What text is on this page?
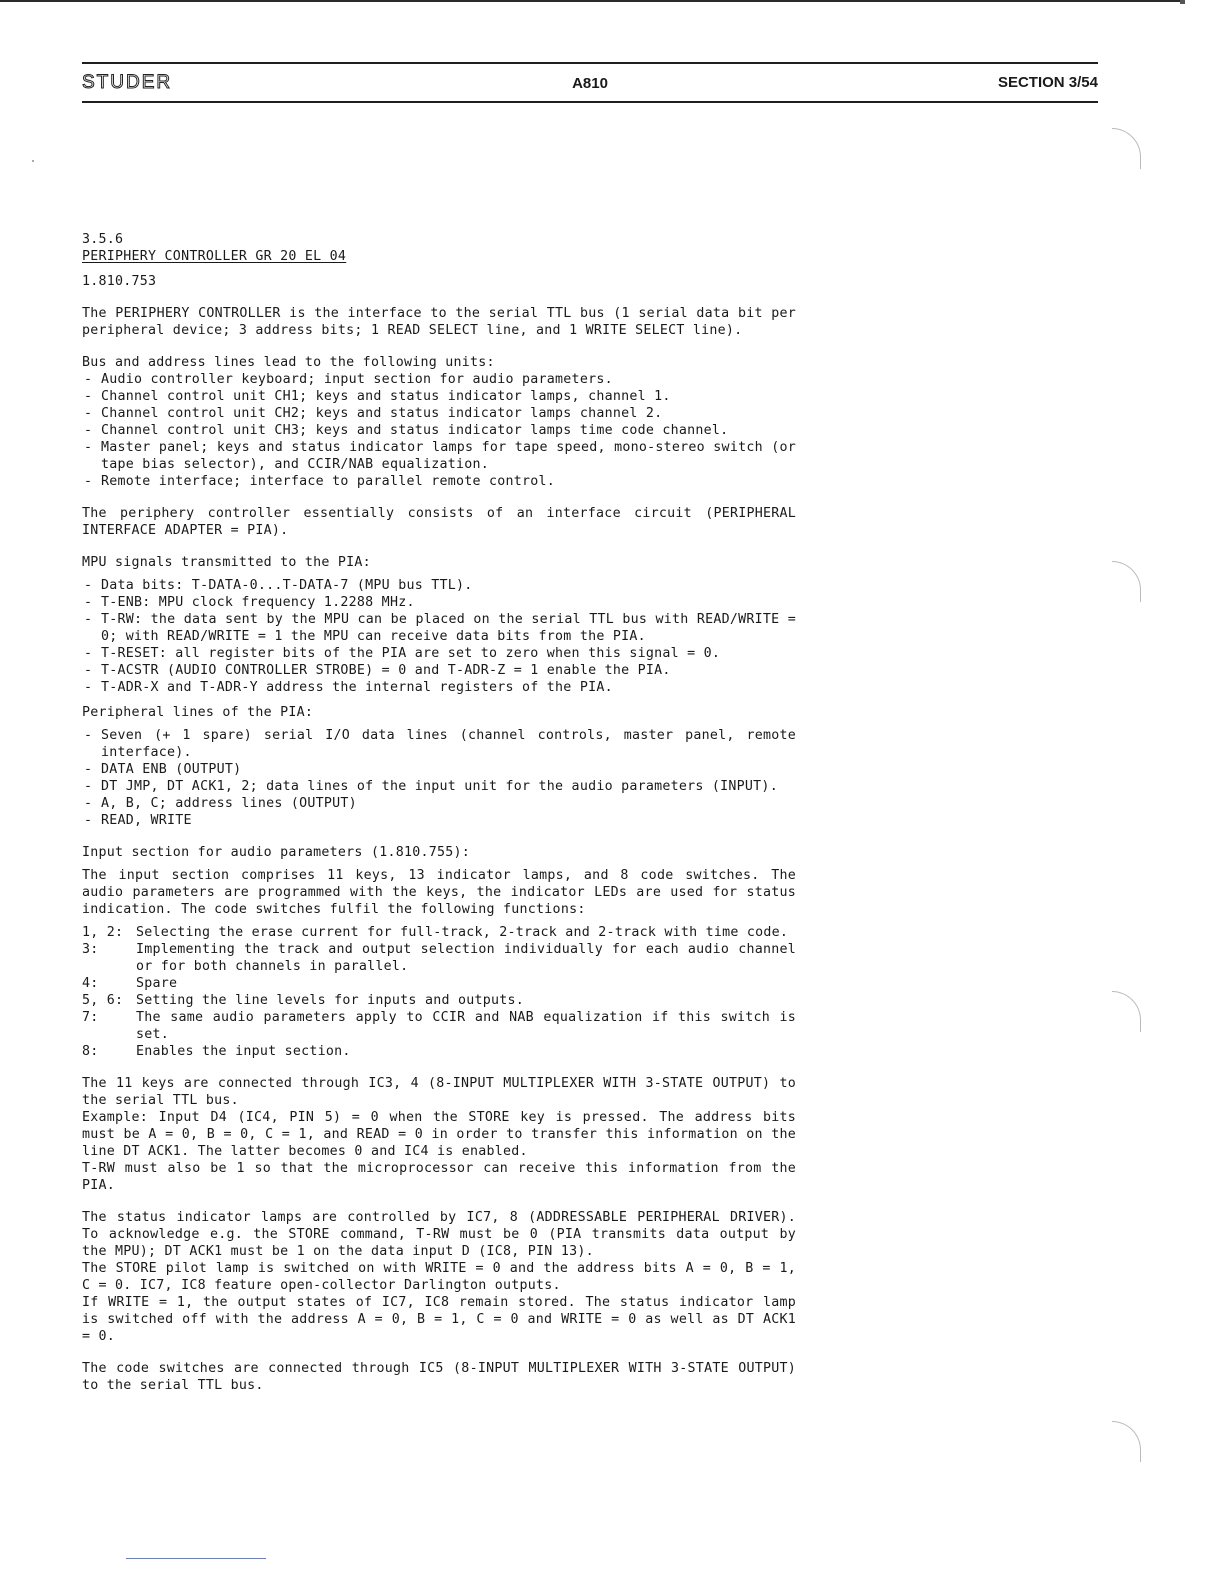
STUDER	A810	SECTION 3/54

3.5.6

PERIPHERY CONTROLLER GR 20 EL 04

1.810.753

The PERIPHERY CONTROLLER is the interface to the serial TTL bus (1 serial data bit per peripheral device; 3 address bits; 1 READ SELECT line, and 1 WRITE SELECT line).

Bus and address lines lead to the following units:

- Audio controller keyboard; input section for audio parameters.
- Channel control unit CH1; keys and status indicator lamps, channel 1.
- Channel control unit CH2; keys and status indicator lamps channel 2.
- Channel control unit CH3; keys and status indicator lamps time code channel.
- Master panel; keys and status indicator lamps for tape speed, mono-stereo switch (or tape bias selector), and CCIR/NAB equalization.
- Remote interface; interface to parallel remote control.

The periphery controller essentially consists of an interface circuit (PERIPHERAL INTERFACE ADAPTER = PIA).

MPU signals transmitted to the PIA:

- Data bits: T-DATA-0...T-DATA-7 (MPU bus TTL).
- T-ENB: MPU clock frequency 1.2288 MHz.
- T-RW: the data sent by the MPU can be placed on the serial TTL bus with READ/WRITE = 0; with READ/WRITE = 1 the MPU can receive data bits from the PIA.
- T-RESET: all register bits of the PIA are set to zero when this signal = 0.
- T-ACSTR (AUDIO CONTROLLER STROBE) = 0 and T-ADR-Z = 1 enable the PIA.
- T-ADR-X and T-ADR-Y address the internal registers of the PIA.

Peripheral lines of the PIA:

- Seven (+ 1 spare) serial I/O data lines (channel controls, master panel, remote interface).
- DATA ENB (OUTPUT)
- DT JMP, DT ACK1, 2; data lines of the input unit for the audio parameters (INPUT).
- A, B, C; address lines (OUTPUT)
- READ, WRITE

Input section for audio parameters (1.810.755):

The input section comprises 11 keys, 13 indicator lamps, and 8 code switches. The audio parameters are programmed with the keys, the indicator LEDs are used for status indication. The code switches fulfil the following functions:

1, 2: Selecting the erase current for full-track, 2-track and 2-track with time code.
3:	Implementing the track and output selection individually for each audio channel or for both channels in parallel.
4:	Spare
5, 6: Setting the line levels for inputs and outputs.
7:	The same audio parameters apply to CCIR and NAB equalization if this switch is set.
8:	Enables the input section.

The 11 keys are connected through IC3, 4 (8-INPUT MULTIPLEXER WITH 3-STATE OUTPUT) to the serial TTL bus.

Example: Input D4 (IC4, PIN 5) = 0 when the STORE key is pressed. The address bits must be A = 0, B = 0, C = 1, and READ = 0 in order to transfer this information on the line DT ACK1. The latter becomes 0 and IC4 is enabled.

T-RW must also be 1 so that the microprocessor can receive this information from the PIA.

The status indicator lamps are controlled by IC7, 8 (ADDRESSABLE PERIPHERAL DRIVER). To acknowledge e.g. the STORE command, T-RW must be 0 (PIA transmits data output by the MPU); DT ACK1 must be 1 on the data input D (IC8, PIN 13).

The STORE pilot lamp is switched on with WRITE = 0 and the address bits A = 0, B = 1, C = 0. IC7, IC8 feature open-collector Darlington outputs.

If WRITE = 1, the output states of IC7, IC8 remain stored. The status indicator lamp is switched off with the address A = 0, B = 1, C = 0 and WRITE = 0 as well as DT ACK1 = 0.

The code switches are connected through IC5 (8-INPUT MULTIPLEXER WITH 3-STATE OUTPUT) to the serial TTL bus.
